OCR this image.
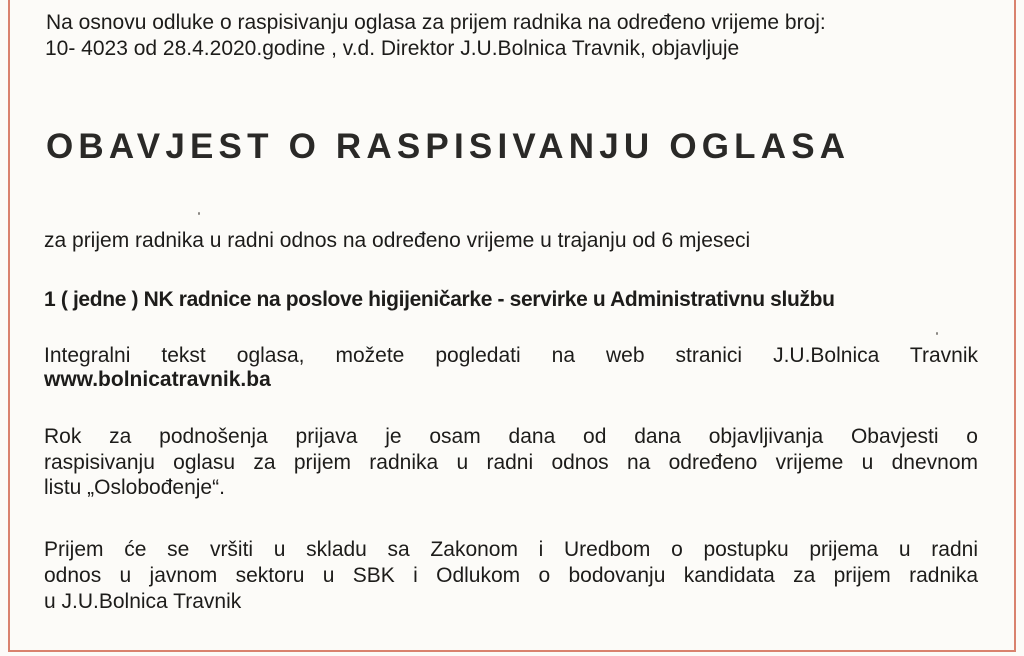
Na osnovu odluke o raspisivanju oglasa za prijem radnika na određeno vrijeme broj:
10- 4023 od 28.4.2020.godine , v.d. Direktor J.U.Bolnica Travnik, objavljuje
OBAVJEST O RASPISIVANJU OGLASA
za prijem radnika u radni odnos na određeno vrijeme u trajanju od 6 mjeseci
1 ( jedne ) NK radnice na poslove higijeničarke - servirke u Administrativnu službu
Integralni tekst oglasa, možete pogledati na web stranici J.U.Bolnica Travnik
www.bolnicatravnik.ba
Rok za podnošenja prijava je osam dana od dana objavljivanja Obavjesti o
raspisivanju oglasu za prijem radnika u radni odnos na određeno vrijeme u dnevnom
listu „Oslobođenje“.
Prijem će se vršiti u skladu sa Zakonom i Uredbom o postupku prijema u radni
odnos u javnom sektoru u SBK i Odlukom o bodovanju kandidata za prijem radnika
u J.U.Bolnica Travnik
